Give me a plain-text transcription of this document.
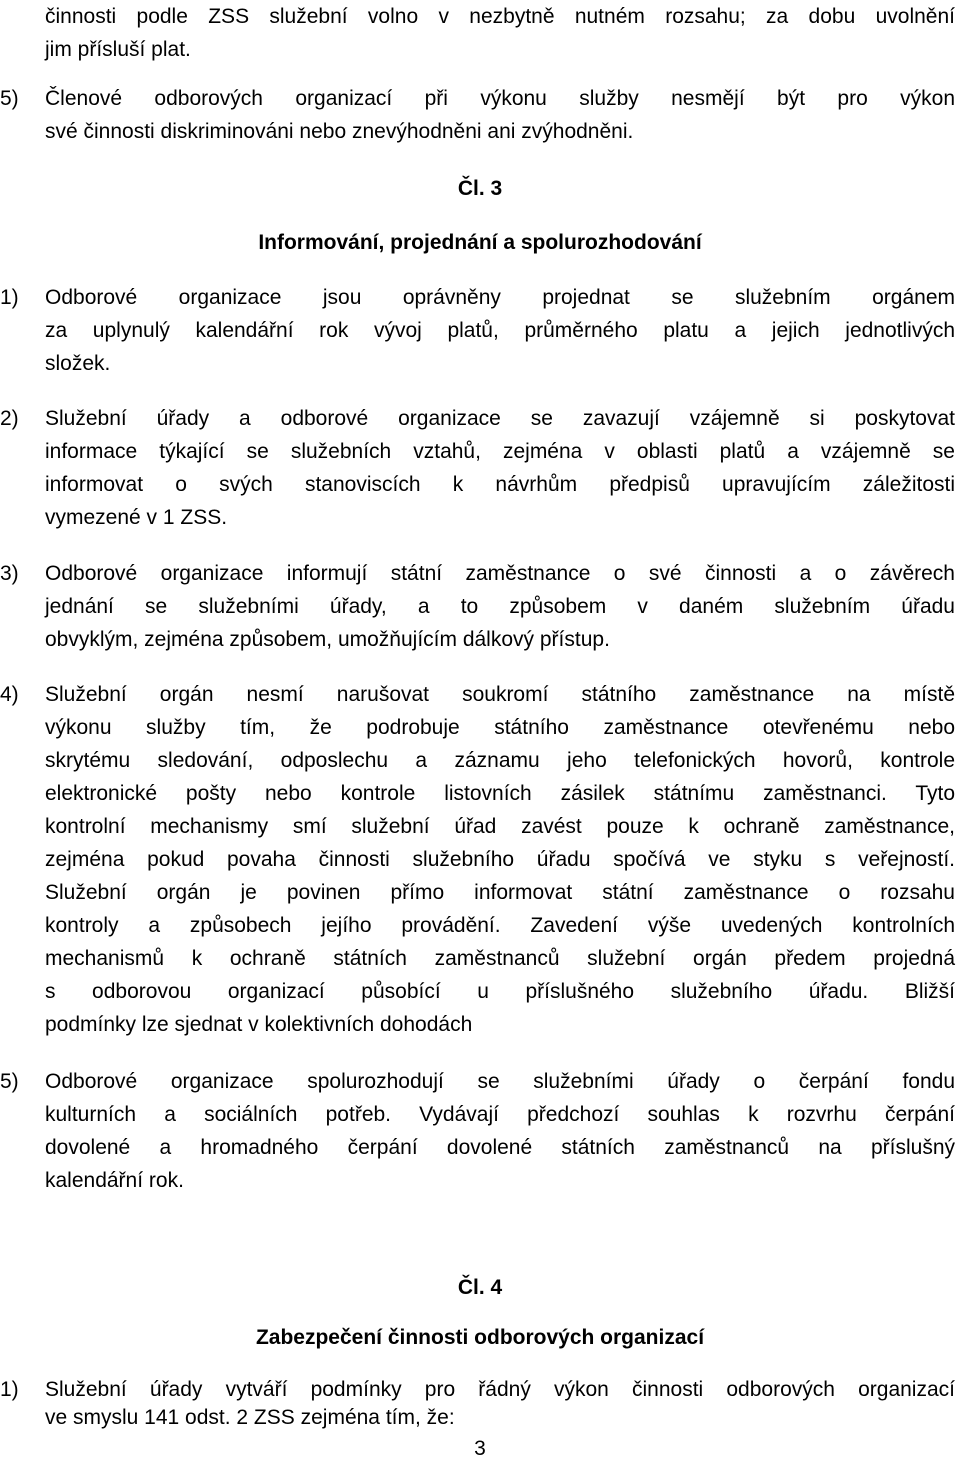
činnosti podle ZSS služební volno v nezbytně nutném rozsahu; za dobu uvolnění
jim přísluší plat.
5) Členové odborových organizací při výkonu služby nesmějí být pro výkon
své činnosti diskriminováni nebo znevýhodněni ani zvýhodněni.
Čl. 3
Informování, projednání a spolurozhodování
1) Odborové organizace jsou oprávněny projednat se služebním orgánem
za uplynulý kalendářní rok vývoj platů, průměrného platu a jejich jednotlivých
složek.
2) Služební úřady a odborové organizace se zavazují vzájemně si poskytovat
informace týkající se služebních vztahů, zejména v oblasti platů a vzájemně se
informovat o svých stanoviscích k návrhům předpisů upravujícím záležitosti
vymezené v 1 ZSS.
3) Odborové organizace informují státní zaměstnance o své činnosti a o závěrech
jednání se služebními úřady, a to způsobem v daném služebním úřadu
obvyklým, zejména způsobem, umožňujícím dálkový přístup.
4) Služební orgán nesmí narušovat soukromí státního zaměstnance na místě
výkonu služby tím, že podrobuje státního zaměstnance otevřenému nebo
skrytému sledování, odposlechu a záznamu jeho telefonických hovorů, kontrole
elektronické pošty nebo kontrole listovních zásilek státnímu zaměstnanci. Tyto
kontrolní mechanismy smí služební úřad zavést pouze k ochraně zaměstnance,
zejména pokud povaha činnosti služebního úřadu spočívá ve styku s veřejností.
Služební orgán je povinen přímo informovat státní zaměstnance o rozsahu
kontroly a způsobech jejího provádění. Zavedení výše uvedených kontrolních
mechanismů k ochraně státních zaměstnanců služební orgán předem projedná
s odborovou organizací působící u příslušného služebního úřadu. Bližší
podmínky lze sjednat v kolektivních dohodách
5) Odborové organizace spolurozhodují se služebními úřady o čerpání fondu
kulturních a sociálních potřeb. Vydávají předchozí souhlas k rozvrhu čerpání
dovolené a hromadného čerpání dovolené státních zaměstnanců na příslušný
kalendářní rok.
Čl. 4
Zabezpečení činnosti odborových organizací
1) Služební úřady vytváří podmínky pro řádný výkon činnosti odborových organizací
ve smyslu 141 odst. 2 ZSS zejména tím, že:
3
